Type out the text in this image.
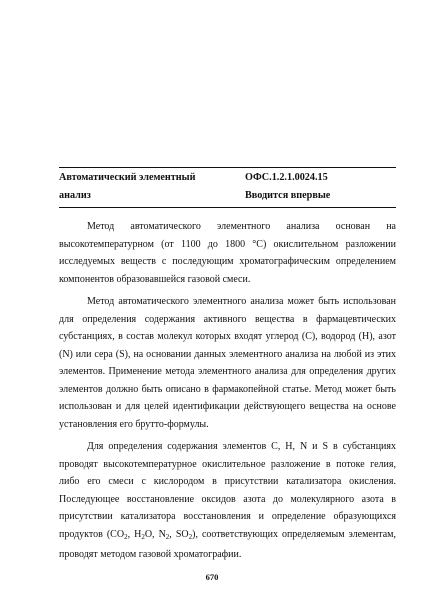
Автоматический элементный
анализ
ОФС.1.2.1.0024.15
Вводится впервые

Метод автоматического элементного анализа основан на высокотемпературном (от 1100 до 1800 °С) окислительном разложении исследуемых веществ с последующим хроматографическим определением компонентов образовавшейся газовой смеси.

Метод автоматического элементного анализа может быть использован для определения содержания активного вещества в фармацевтических субстанциях, в состав молекул которых входят углерод (C), водород (H), азот (N) или сера (S), на основании данных элементного анализа на любой из этих элементов. Применение метода элементного анализа для определения других элементов должно быть описано в фармакопейной статье. Метод может быть использован и для целей идентификации действующего вещества на основе установления его брутто-формулы.

Для определения содержания элементов C, H, N и S в субстанциях проводят высокотемпературное окислительное разложение в потоке гелия, либо его смеси с кислородом в присутствии катализатора окисления. Последующее восстановление оксидов азота до молекулярного азота в присутствии катализатора восстановления и определение образующихся продуктов ($CO_2$, $H_2O$, $N_2$, $SO_2$), соответствующих определяемым элементам, проводят методом газовой хроматографии.

670
